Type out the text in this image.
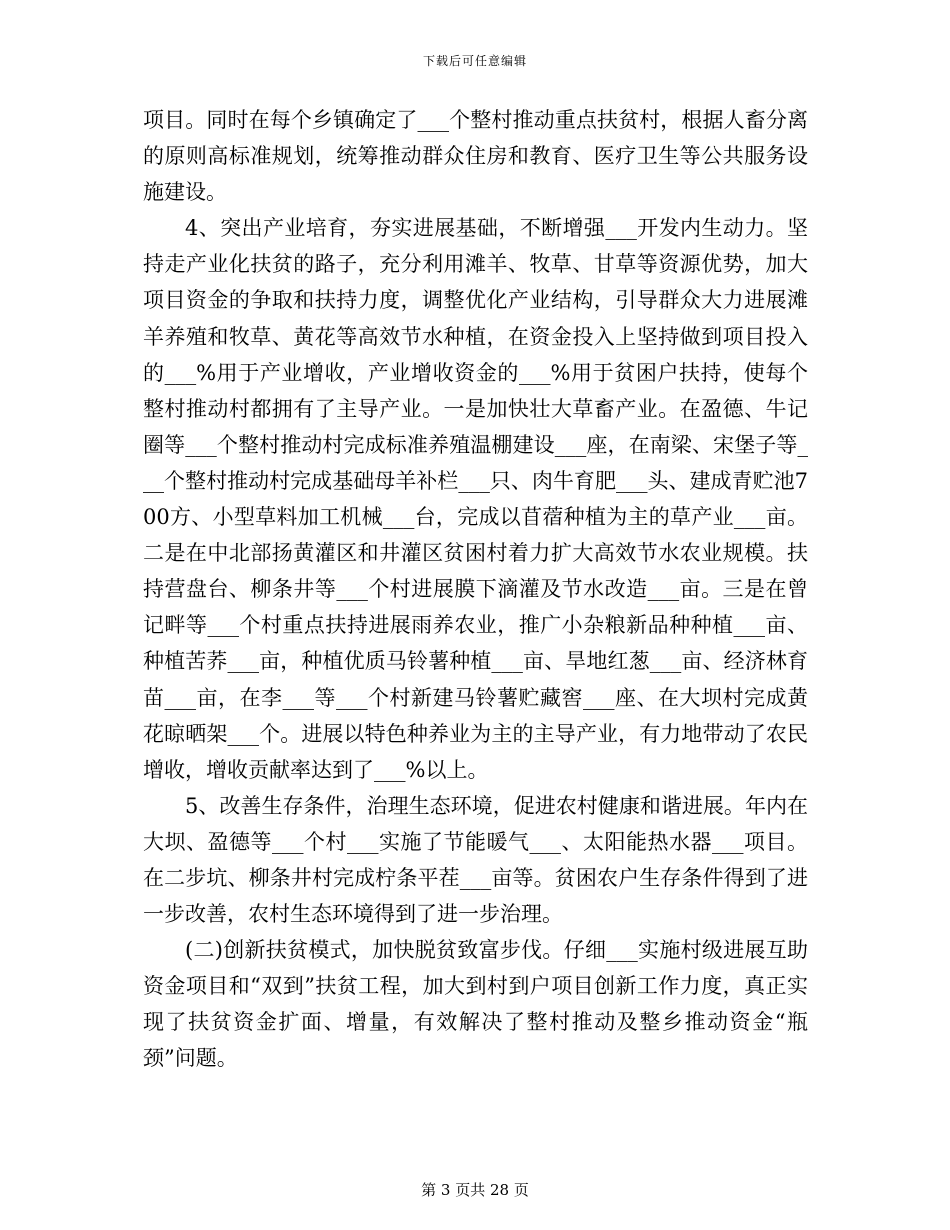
下载后可任意编辑

项目。同时在每个乡镇确定了___个整村推动重点扶贫村，根据人畜分离的原则高标准规划，统筹推动群众住房和教育、医疗卫生等公共服务设施建设。

4、突出产业培育，夯实进展基础，不断增强___开发内生动力。坚持走产业化扶贫的路子，充分利用滩羊、牧草、甘草等资源优势，加大项目资金的争取和扶持力度，调整优化产业结构，引导群众大力进展滩羊养殖和牧草、黄花等高效节水种植，在资金投入上坚持做到项目投入的___%用于产业增收，产业增收资金的___%用于贫困户扶持，使每个整村推动村都拥有了主导产业。一是加快壮大草畜产业。在盈德、牛记圈等___个整村推动村完成标准养殖温棚建设___座，在南梁、宋堡子等___个整村推动村完成基础母羊补栏___只、肉牛育肥___头、建成青贮池700方、小型草料加工机械___台，完成以苜蓿种植为主的草产业___亩。二是在中北部扬黄灌区和井灌区贫困村着力扩大高效节水农业规模。扶持营盘台、柳条井等___个村进展膜下滴灌及节水改造___亩。三是在曾记畔等___个村重点扶持进展雨养农业，推广小杂粮新品种种植___亩、种植苦荞___亩，种植优质马铃薯种植___亩、旱地红葱___亩、经济林育苗___亩，在李___等___个村新建马铃薯贮藏窖___座、在大坝村完成黄花晾晒架___个。进展以特色种养业为主的主导产业，有力地带动了农民增收，增收贡献率达到了___%以上。

5、改善生存条件，治理生态环境，促进农村健康和谐进展。年内在大坝、盈德等___个村___实施了节能暖气___、太阳能热水器___项目。在二步坑、柳条井村完成柠条平茬___亩等。贫困农户生存条件得到了进一步改善，农村生态环境得到了进一步治理。

(二)创新扶贫模式，加快脱贫致富步伐。仔细___实施村级进展互助资金项目和“双到”扶贫工程，加大到村到户项目创新工作力度，真正实现了扶贫资金扩面、增量，有效解决了整村推动及整乡推动资金“瓶颈”问题。

第 3 页共 28 页
